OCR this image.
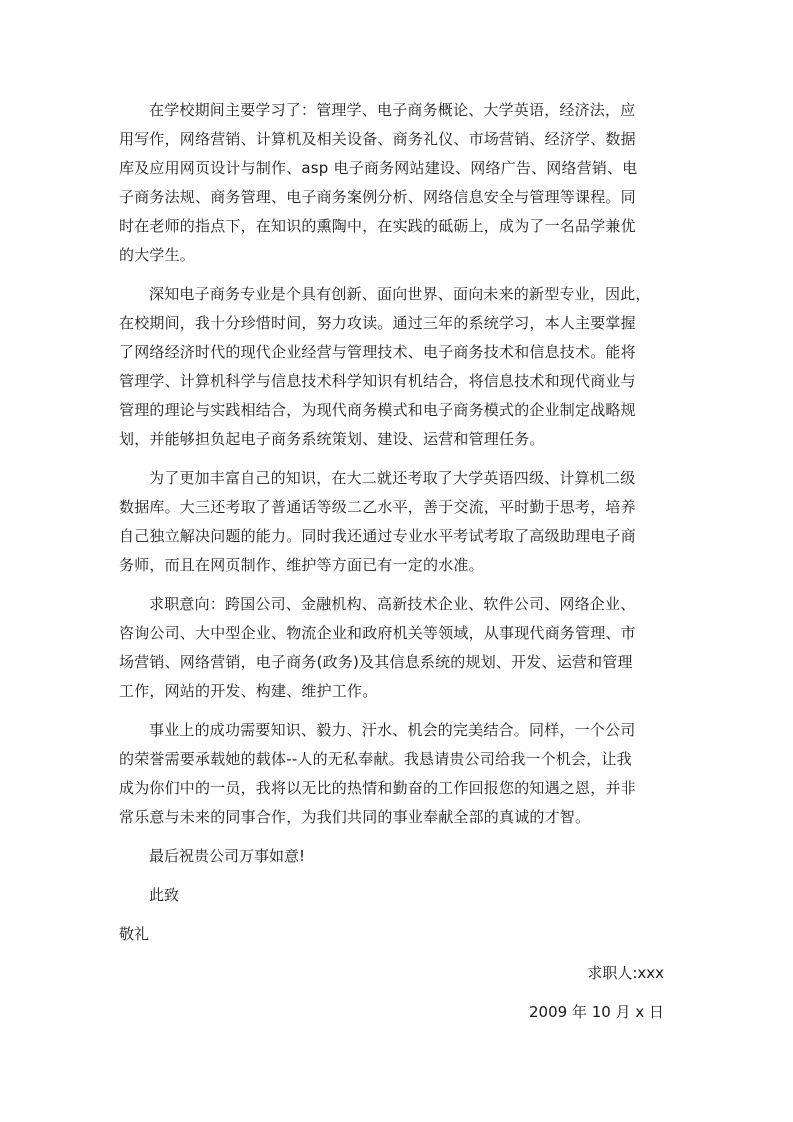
在学校期间主要学习了：管理学、电子商务概论、大学英语，经济法，应
用写作，网络营销、计算机及相关设备、商务礼仪、市场营销、经济学、数据
库及应用网页设计与制作、asp 电子商务网站建设、网络广告、网络营销、电
子商务法规、商务管理、电子商务案例分析、网络信息安全与管理等课程。同
时在老师的指点下，在知识的熏陶中，在实践的砥砺上，成为了一名品学兼优
的大学生。
深知电子商务专业是个具有创新、面向世界、面向未来的新型专业，因此，
在校期间，我十分珍惜时间，努力攻读。通过三年的系统学习，本人主要掌握
了网络经济时代的现代企业经营与管理技术、电子商务技术和信息技术。能将
管理学、计算机科学与信息技术科学知识有机结合，将信息技术和现代商业与
管理的理论与实践相结合，为现代商务模式和电子商务模式的企业制定战略规
划，并能够担负起电子商务系统策划、建设、运营和管理任务。
为了更加丰富自己的知识，在大二就还考取了大学英语四级、计算机二级
数据库。大三还考取了普通话等级二乙水平，善于交流，平时勤于思考，培养
自己独立解决问题的能力。同时我还通过专业水平考试考取了高级助理电子商
务师，而且在网页制作、维护等方面已有一定的水准。
求职意向：跨国公司、金融机构、高新技术企业、软件公司、网络企业、
咨询公司、大中型企业、物流企业和政府机关等领域，从事现代商务管理、市
场营销、网络营销，电子商务(政务)及其信息系统的规划、开发、运营和管理
工作，网站的开发、构建、维护工作。
事业上的成功需要知识、毅力、汗水、机会的完美结合。同样，一个公司
的荣誉需要承载她的载体--人的无私奉献。我恳请贵公司给我一个机会，让我
成为你们中的一员，我将以无比的热情和勤奋的工作回报您的知遇之恩，并非
常乐意与未来的同事合作，为我们共同的事业奉献全部的真诚的才智。
最后祝贵公司万事如意!
此致
敬礼
求职人:xxx
2009 年 10 月 x 日
